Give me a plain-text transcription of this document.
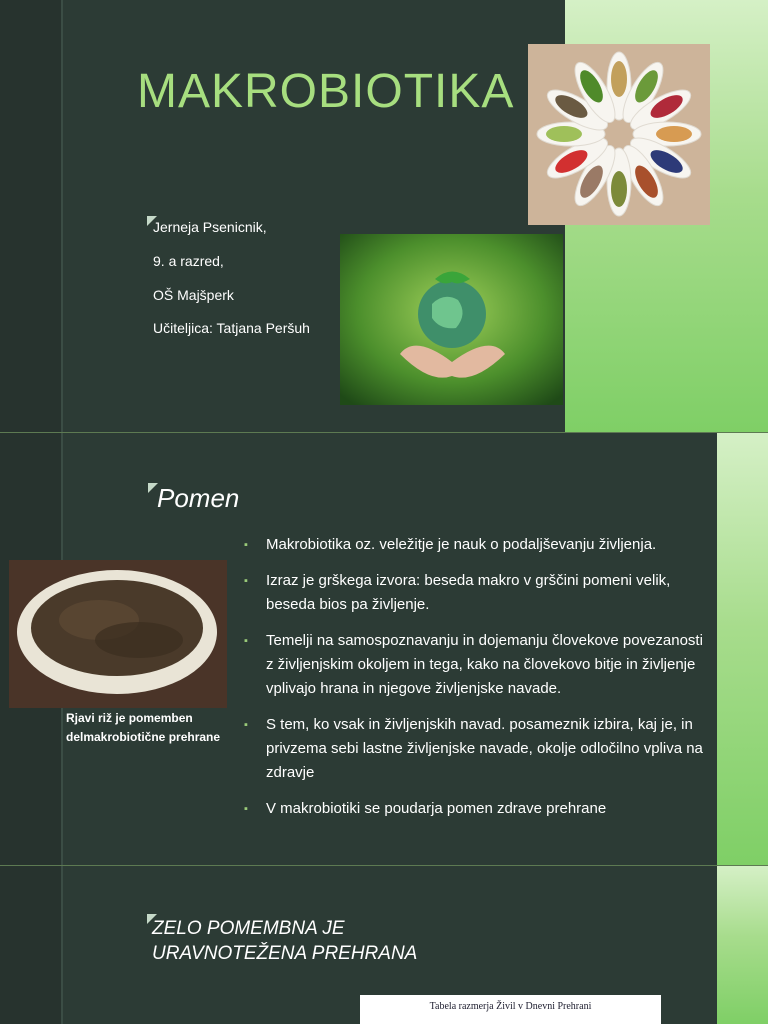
MAKROBIOTIKA
Jerneja Psenicnik,
9. a razred,
OŠ Majšperk
Učiteljica: Tatjana Peršuh
Pomen
Rjavi riž je pomemben delmakrobiotične prehrane
▪ Makrobiotika oz. veležitje je nauk o podaljševanju življenja.
▪ Izraz je grškega izvora: beseda makro v grščini pomeni velik, beseda bios pa življenje.
▪ Temelji na samospoznavanju in dojemanju človekove povezanosti z življenjskim okoljem in tega, kako na človekovo bitje in življenje vplivajo hrana in njegove življenjske navade.
▪ S tem, ko vsak in življenjskih navad. posameznik izbira, kaj je, in privzema sebi lastne življenjske navade, okolje odločilno vpliva na zdravje
▪ V makrobiotiki se poudarja pomen zdrave prehrane
ZELO POMEMBNA JE
URAVNOTEŽENA PREHRANA
Tabela razmerja Živil v Dnevni Prehrani
